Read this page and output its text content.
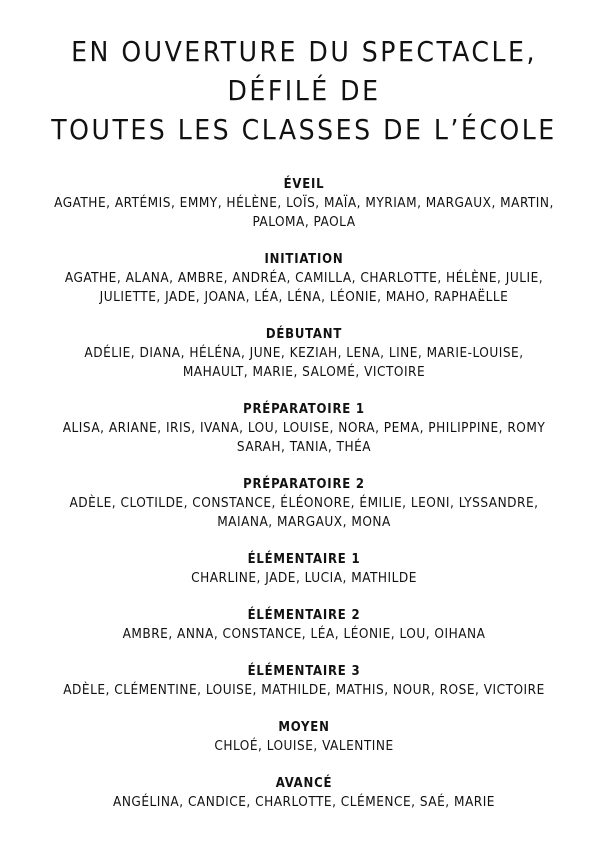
EN OUVERTURE DU SPECTACLE,
DÉFILÉ DE
TOUTES LES CLASSES DE L’ÉCOLE
ÉVEIL
AGATHE, ARTÉMIS, EMMY, HÉLÈNE, LOÏS, MAÏA, MYRIAM, MARGAUX, MARTIN,
PALOMA, PAOLA
INITIATION
AGATHE, ALANA, AMBRE, ANDRÉA, CAMILLA, CHARLOTTE, HÉLÈNE, JULIE,
JULIETTE, JADE, JOANA, LÉA, LÉNA, LÉONIE, MAHO, RAPHAËLLE
DÉBUTANT
ADÉLIE, DIANA, HÉLÉNA, JUNE, KEZIAH, LENA, LINE, MARIE-LOUISE,
MAHAULT, MARIE, SALOMÉ, VICTOIRE
PRÉPARATOIRE 1
ALISA, ARIANE, IRIS, IVANA, LOU, LOUISE, NORA, PEMA, PHILIPPINE, ROMY
SARAH, TANIA, THÉA
PRÉPARATOIRE 2
ADÈLE, CLOTILDE, CONSTANCE, ÉLÉONORE, ÉMILIE, LEONI, LYSSANDRE,
MAIANA, MARGAUX, MONA
ÉLÉMENTAIRE 1
CHARLINE, JADE, LUCIA, MATHILDE
ÉLÉMENTAIRE 2
AMBRE, ANNA, CONSTANCE, LÉA, LÉONIE, LOU, OIHANA
ÉLÉMENTAIRE 3
ADÈLE, CLÉMENTINE, LOUISE, MATHILDE, MATHIS, NOUR, ROSE, VICTOIRE
MOYEN
CHLOÉ, LOUISE, VALENTINE
AVANCÉ
ANGÉLINA, CANDICE, CHARLOTTE, CLÉMENCE, SAÉ, MARIE
